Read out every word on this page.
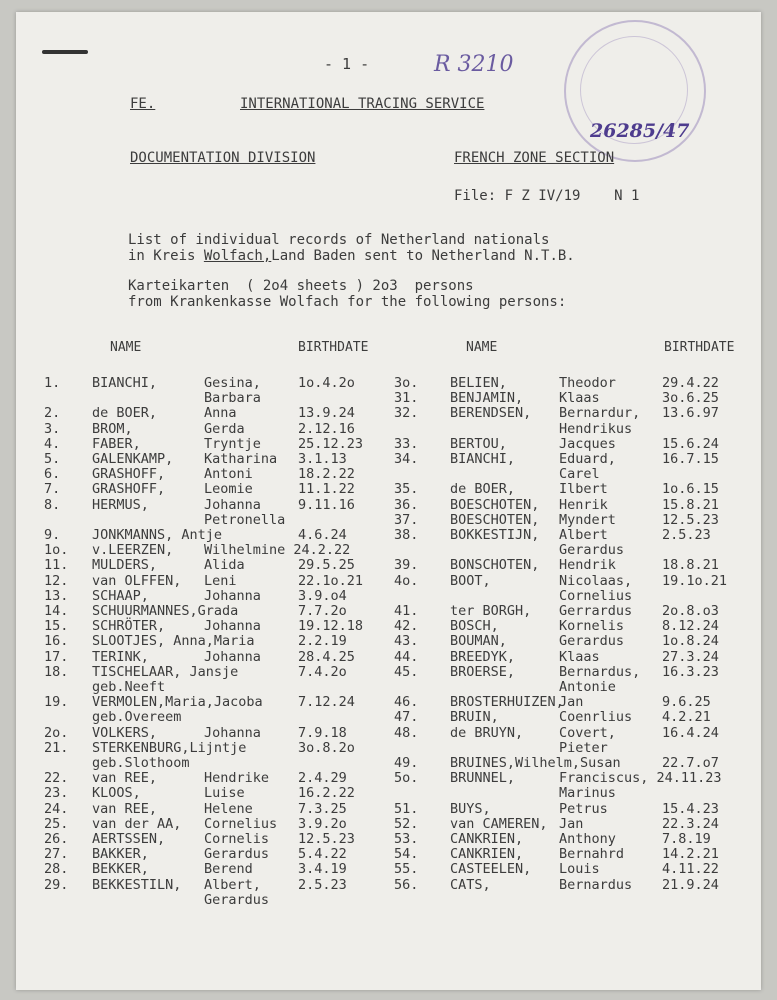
- 1 -	R 3210
26285/47
FE.	INTERNATIONAL TRACING SERVICE
DOCUMENTATION DIVISION	FRENCH ZONE SECTION
File: F Z IV/19    N 1
List of individual records of Netherland nationals
in Kreis Wolfach,Land Baden sent to Netherland N.T.B.
Karteikarten  ( 2o4 sheets ) 2o3  persons
from Krankenkasse Wolfach for the following persons:
NAME	BIRTHDATE	NAME	BIRTHDATE
1. BIANCHI,	Gesina,	1o.4.2o
Barbara
2. de BOER,	Anna	13.9.24
3. BROM,	Gerda	2.12.16
4. FABER,	Tryntje	25.12.23
5. GALENKAMP, Katharina 3.1.13
6. GRASHOFF,	Antoni	18.2.22
7. GRASHOFF,	Leomie	11.1.22
8. HERMUS,	Johanna	9.11.16
Petronella
9. JONKMANNS, Antje	4.6.24
1o. v.LEERZEN, Wilhelmine 24.2.22
11. MULDERS,	Alida	29.5.25
12. van OLFFEN, Leni	22.1o.21
13. SCHAAP,	Johanna	3.9.o4
14. SCHUURMANNES,Grada	7.7.2o
15. SCHRÖTER,	Johanna	19.12.18
16. SLOOTJES, Anna,Maria	2.2.19
17. TERINK,	Johanna	28.4.25
18. TISCHELAAR, Jansje	7.4.2o
geb.Neeft
19. VERMOLEN,Maria,Jacoba	7.12.24
geb.Overeem
2o. VOLKERS,	Johanna	7.9.18
21. STERKENBURG,Lijntje	3o.8.2o
geb.Slothoom
22. van REE,	Hendrike 2.4.29
23. KLOOS,	Luise	16.2.22
24. van REE,	Helene	7.3.25
25. van der AA, Cornelius 3.9.2o
26. AERTSSEN,	Cornelis 12.5.23
27. BAKKER,	Gerardus 5.4.22
28. BEKKER,	Berend	3.4.19
29. BEKKESTILN, Albert,	2.5.23
Gerardus
3o. BELIEN,	Theodor	29.4.22
31. BENJAMIN,	Klaas	3o.6.25
32. BERENDSEN, Bernardur, 13.6.97
Hendrikus
33. BERTOU,	Jacques	15.6.24
34. BIANCHI,	Eduard,	16.7.15
Carel
35. de BOER,	Ilbert	1o.6.15
36. BOESCHOTEN, Henrik	15.8.21
37. BOESCHOTEN, Myndert	12.5.23
38. BOKKESTIJN, Albert	2.5.23
Gerardus
39. BONSCHOTEN, Hendrik	18.8.21
4o. BOOT,	Nicolaas, 19.1o.21
Cornelius
41. ter BORGH, Gerrardus 2o.8.o3
42. BOSCH,	Kornelis	8.12.24
43. BOUMAN,	Gerardus	1o.8.24
44. BREEDYK,	Klaas	27.3.24
45. BROERSE,	Bernardus, 16.3.23
Antonie
46. BROSTERHUIZEN,
Jan	9.6.25
47. BRUIN,	Coenrlius 4.2.21
48. de BRUYN,	Covert,	16.4.24
Pieter
49. BRUINES,Wilhelm,Susan	22.7.o7
5o. BRUNNEL,	Franciscus, 24.11.23
Marinus
51. BUYS,	Petrus	15.4.23
52. van CAMEREN, Jan	22.3.24
53. CANKRIEN,	Anthony	7.8.19
54. CANKRIEN,	Bernahrd	14.2.21
55. CASTEELEN, Louis	4.11.22
56. CATS,	Bernardus 21.9.24
